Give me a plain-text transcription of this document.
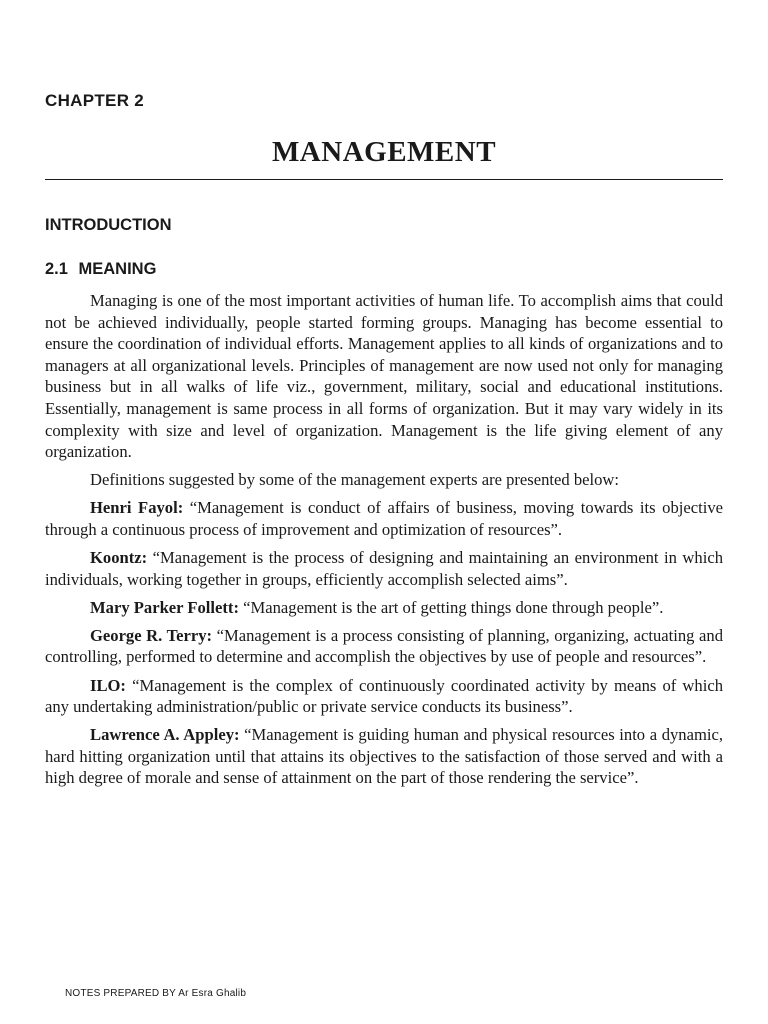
CHAPTER 2
MANAGEMENT
INTRODUCTION
2.1 MEANING

Managing is one of the most important activities of human life. To accomplish aims that could not be achieved individually, people started forming groups. Managing has become essential to ensure the coordination of individual efforts. Management applies to all kinds of organizations and to managers at all organizational levels. Principles of management are now used not only for managing business but in all walks of life viz., government, military, social and educational institutions. Essentially, management is same process in all forms of organization. But it may vary widely in its complexity with size and level of organization. Management is the life giving element of any organization.

Definitions suggested by some of the management experts are presented below:

Henri Fayol: “Management is conduct of affairs of business, moving towards its objective through a continuous process of improvement and optimization of resources”.

Koontz: “Management is the process of designing and maintaining an environment in which individuals, working together in groups, efficiently accomplish selected aims”.

Mary Parker Follett: “Management is the art of getting things done through people”.

George R. Terry: “Management is a process consisting of planning, organizing, actuating and controlling, performed to determine and accomplish the objectives by use of people and resources”.

ILO: “Management is the complex of continuously coordinated activity by means of which any undertaking administration/public or private service conducts its business”.

Lawrence A. Appley: “Management is guiding human and physical resources into a dynamic, hard hitting organization until that attains its objectives to the satisfaction of those served and with a high degree of morale and sense of attainment on the part of those rendering the service”.

NOTES PREPARED BY Ar Esra Ghalib
